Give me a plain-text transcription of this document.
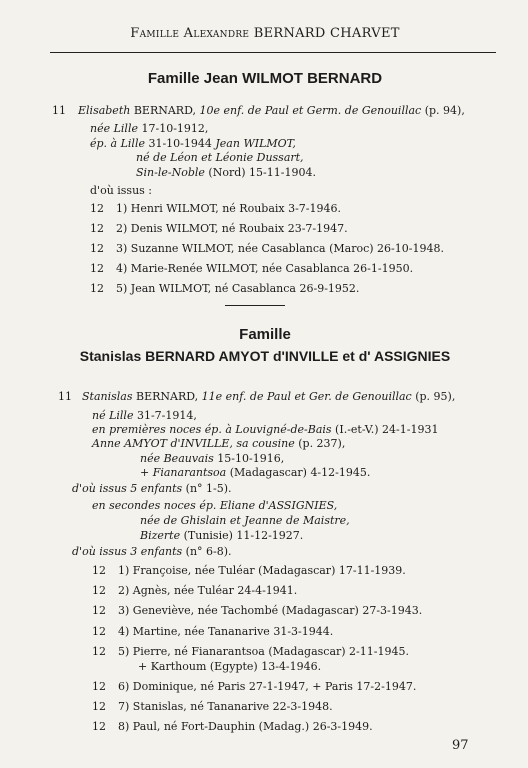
Famille Alexandre BERNARD CHARVET
Famille Jean WILMOT BERNARD
11 Elisabeth BERNARD, 10e enf. de Paul et Germ. de Genouillac (p. 94),
née Lille 17-10-1912,
ép. à Lille 31-10-1944 Jean WILMOT,
né de Léon et Léonie Dussart,
Sin-le-Noble (Nord) 15-11-1904.
d'où issus :
12 1) Henri WILMOT, né Roubaix 3-7-1946.
12 2) Denis WILMOT, né Roubaix 23-7-1947.
12 3) Suzanne WILMOT, née Casablanca (Maroc) 26-10-1948.
12 4) Marie-Renée WILMOT, née Casablanca 26-1-1950.
12 5) Jean WILMOT, né Casablanca 26-9-1952.
Famille
Stanislas BERNARD AMYOT d'INVILLE et d' ASSIGNIES
11 Stanislas BERNARD, 11e enf. de Paul et Ger. de Genouillac (p. 95),
né Lille 31-7-1914,
en premières noces ép. à Louvigné-de-Bais (I.-et-V.) 24-1-1931
Anne AMYOT d'INVILLE, sa cousine (p. 237),
née Beauvais 15-10-1916,
+ Fianarantsoa (Madagascar) 4-12-1945.
d'où issus 5 enfants (n° 1-5).
en secondes noces ép. Eliane d'ASSIGNIES,
née de Ghislain et Jeanne de Maistre,
Bizerte (Tunisie) 11-12-1927.
d'où issus 3 enfants (n° 6-8).
12 1) Françoise, née Tuléar (Madagascar) 17-11-1939.
12 2) Agnès, née Tuléar 24-4-1941.
12 3) Geneviève, née Tachombé (Madagascar) 27-3-1943.
12 4) Martine, née Tananarive 31-3-1944.
12 5) Pierre, né Fianarantsoa (Madagascar) 2-11-1945.
+ Karthoum (Egypte) 13-4-1946.
12 6) Dominique, né Paris 27-1-1947, + Paris 17-2-1947.
12 7) Stanislas, né Tananarive 22-3-1948.
12 8) Paul, né Fort-Dauphin (Madag.) 26-3-1949.
97
